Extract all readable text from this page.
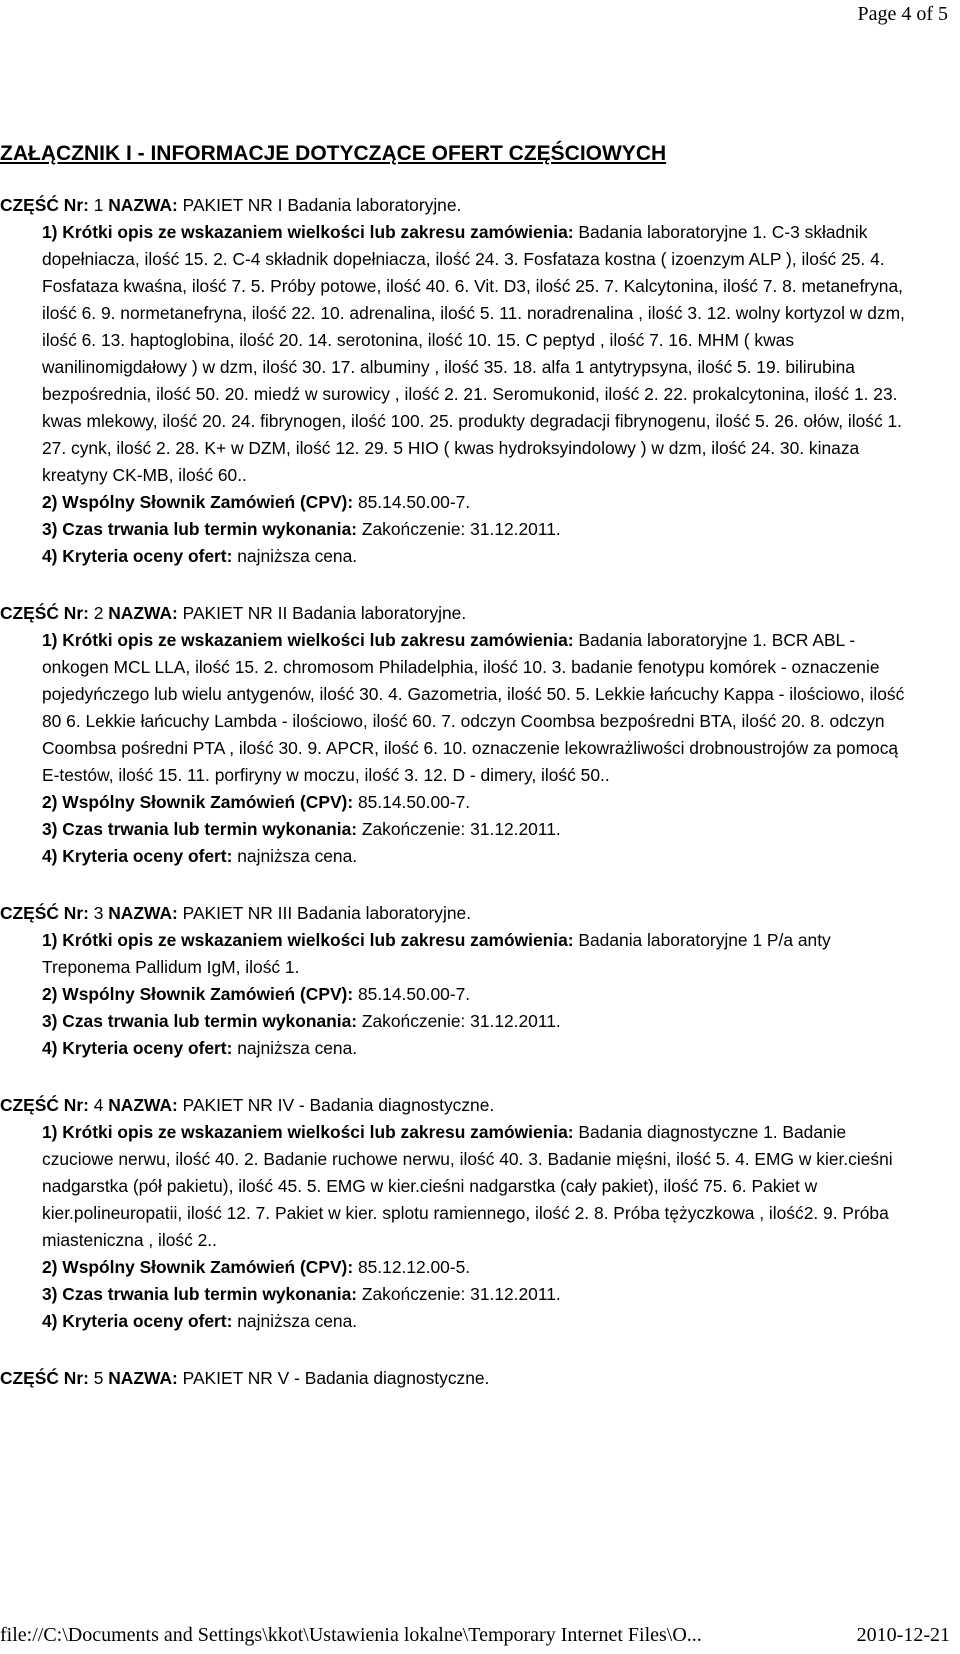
Page 4 of 5
ZAŁĄCZNIK I - INFORMACJE DOTYCZĄCE OFERT CZĘŚCIOWYCH
CZĘŚĆ Nr: 1 NAZWA: PAKIET NR I Badania laboratoryjne.

1) Krótki opis ze wskazaniem wielkości lub zakresu zamówienia: Badania laboratoryjne 1. C-3 składnik dopełniacza, ilość 15. 2. C-4 składnik dopełniacza, ilość 24. 3. Fosfataza kostna ( izoenzym ALP ), ilość 25. 4. Fosfataza kwaśna, ilość 7. 5. Próby potowe, ilość 40. 6. Vit. D3, ilość 25. 7. Kalcytonina, ilość 7. 8. metanefryna, ilość 6. 9. normetanefryna, ilość 22. 10. adrenalina, ilość 5. 11. noradrenalina , ilość 3. 12. wolny kortyzol w dzm, ilość 6. 13. haptoglobina, ilość 20. 14. serotonina, ilość 10. 15. C peptyd , ilość 7. 16. MHM ( kwas wanilinomigdałowy ) w dzm, ilość 30. 17. albuminy , ilość 35. 18. alfa 1 antytrypsyna, ilość 5. 19. bilirubina bezpośrednia, ilość 50. 20. miedź w surowicy , ilość 2. 21. Seromukonid, ilość 2. 22. prokalcytonina, ilość 1. 23. kwas mlekowy, ilość 20. 24. fibrynogen, ilość 100. 25. produkty degradacji fibrynogenu, ilość 5. 26. ołów, ilość 1. 27. cynk, ilość 2. 28. K+ w DZM, ilość 12. 29. 5 HIO ( kwas hydroksyindolowy ) w dzm, ilość 24. 30. kinaza kreatyny CK-MB, ilość 60..

2) Wspólny Słownik Zamówień (CPV): 85.14.50.00-7.

3) Czas trwania lub termin wykonania: Zakończenie: 31.12.2011.

4) Kryteria oceny ofert: najniższa cena.

CZĘŚĆ Nr: 2 NAZWA: PAKIET NR II Badania laboratoryjne.

1) Krótki opis ze wskazaniem wielkości lub zakresu zamówienia: Badania laboratoryjne 1. BCR ABL - onkogen MCL LLA, ilość 15. 2. chromosom Philadelphia, ilość 10. 3. badanie fenotypu komórek - oznaczenie pojedyńczego lub wielu antygenów, ilość 30. 4. Gazometria, ilość 50. 5. Lekkie łańcuchy Kappa - ilościowo, ilość 80 6. Lekkie łańcuchy Lambda - ilościowo, ilość 60. 7. odczyn Coombsa bezpośredni BTA, ilość 20. 8. odczyn Coombsa pośredni PTA , ilość 30. 9. APCR, ilość 6. 10. oznaczenie lekowrażliwości drobnoustrojów za pomocą E-testów, ilość 15. 11. porfiryny w moczu, ilość 3. 12. D - dimery, ilość 50..

2) Wspólny Słownik Zamówień (CPV): 85.14.50.00-7.

3) Czas trwania lub termin wykonania: Zakończenie: 31.12.2011.

4) Kryteria oceny ofert: najniższa cena.

CZĘŚĆ Nr: 3 NAZWA: PAKIET NR III Badania laboratoryjne.

1) Krótki opis ze wskazaniem wielkości lub zakresu zamówienia: Badania laboratoryjne 1 P/a anty Treponema Pallidum IgM, ilość 1.

2) Wspólny Słownik Zamówień (CPV): 85.14.50.00-7.

3) Czas trwania lub termin wykonania: Zakończenie: 31.12.2011.

4) Kryteria oceny ofert: najniższa cena.

CZĘŚĆ Nr: 4 NAZWA: PAKIET NR IV - Badania diagnostyczne.

1) Krótki opis ze wskazaniem wielkości lub zakresu zamówienia: Badania diagnostyczne 1. Badanie czuciowe nerwu, ilość 40. 2. Badanie ruchowe nerwu, ilość 40. 3. Badanie mięśni, ilość 5. 4. EMG w kier.cieśni nadgarstka (pół pakietu), ilość 45. 5. EMG w kier.cieśni nadgarstka (cały pakiet), ilość 75. 6. Pakiet w kier.polineuropatii, ilość 12. 7. Pakiet w kier. splotu ramiennego, ilość 2. 8. Próba tężyczkowa , ilość2. 9. Próba miasteniczna , ilość 2..

2) Wspólny Słownik Zamówień (CPV): 85.12.12.00-5.

3) Czas trwania lub termin wykonania: Zakończenie: 31.12.2011.

4) Kryteria oceny ofert: najniższa cena.

CZĘŚĆ Nr: 5 NAZWA: PAKIET NR V - Badania diagnostyczne.
file://C:\Documents and Settings\kkot\Ustawienia lokalne\Temporary Internet Files\O...	2010-12-21
